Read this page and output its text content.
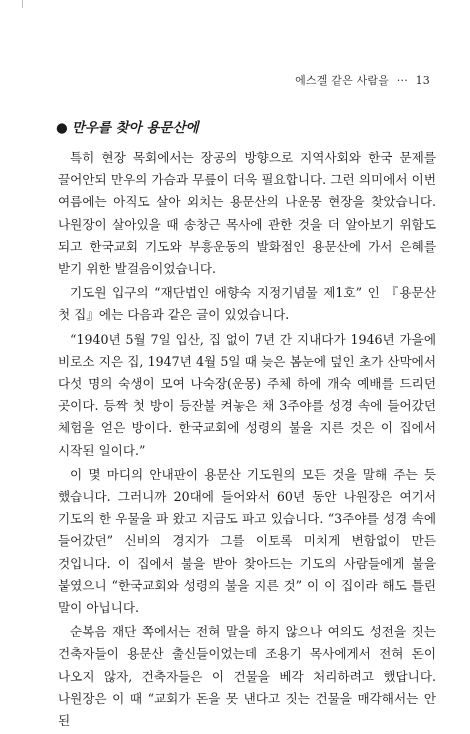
에스겔 같은 사람을 ··· 13
● 만우를 찾아 용문산에

특히 현장 목회에서는 장공의 방향으로 지역사회와 한국 문제를 끌어안되 만우의 가슴과 무릎이 더욱 필요합니다. 그런 의미에서 이번 여름에는 아직도 살아 외치는 용문산의 나운몽 현장을 찾았습니다. 나원장이 살아있을 때 송창근 목사에 관한 것을 더 알아보기 위함도 되고 한국교회 기도와 부흥운동의 발화점인 용문산에 가서 은혜를 받기 위한 발걸음이었습니다.

기도원 입구의 “재단법인 애향숙 지정기념물 제1호” 인 『용문산 첫 집』에는 다음과 같은 글이 있었습니다.

“1940년 5월 7일 입산, 집 없이 7년 간 지내다가 1946년 가을에 비로소 지은 집, 1947년 4월 5일 때 늦은 봄눈에 덮인 초가 산막에서 다섯 명의 숙생이 모여 나숙장(운몽) 주체 하에 개숙 예배를 드리던 곳이다. 등짝 첫 방이 등잔불 켜놓은 채 3주야를 성경 속에 들어갔던 체험을 얻은 방이다. 한국교회에 성령의 불을 지른 것은 이 집에서 시작된 일이다.”

이 몇 마디의 안내판이 용문산 기도원의 모든 것을 말해 주는 듯 했습니다. 그러니까 20대에 들어와서 60년 동안 나원장은 여기서 기도의 한 우물을 파 왔고 지금도 파고 있습니다. “3주야를 성경 속에 들어갔던” 신비의 경지가 그를 이토록 미치게 변함없이 만든 것입니다. 이 집에서 불을 받아 찾아드는 기도의 사람들에게 불을 붙였으니 “한국교회와 성령의 불을 지른 것” 이 이 집이라 해도 틀린 말이 아닙니다.

순복음 재단 쪽에서는 전혀 말을 하지 않으나 여의도 성전을 짓는 건축자들이 용문산 출신들이었는데 조용기 목사에게서 전혀 돈이 나오지 않자, 건축자들은 이 건물을 베각 처리하려고 했답니다. 나원장은 이 때 “교회가 돈을 못 낸다고 짓는 건물을 매각해서는 안 된
